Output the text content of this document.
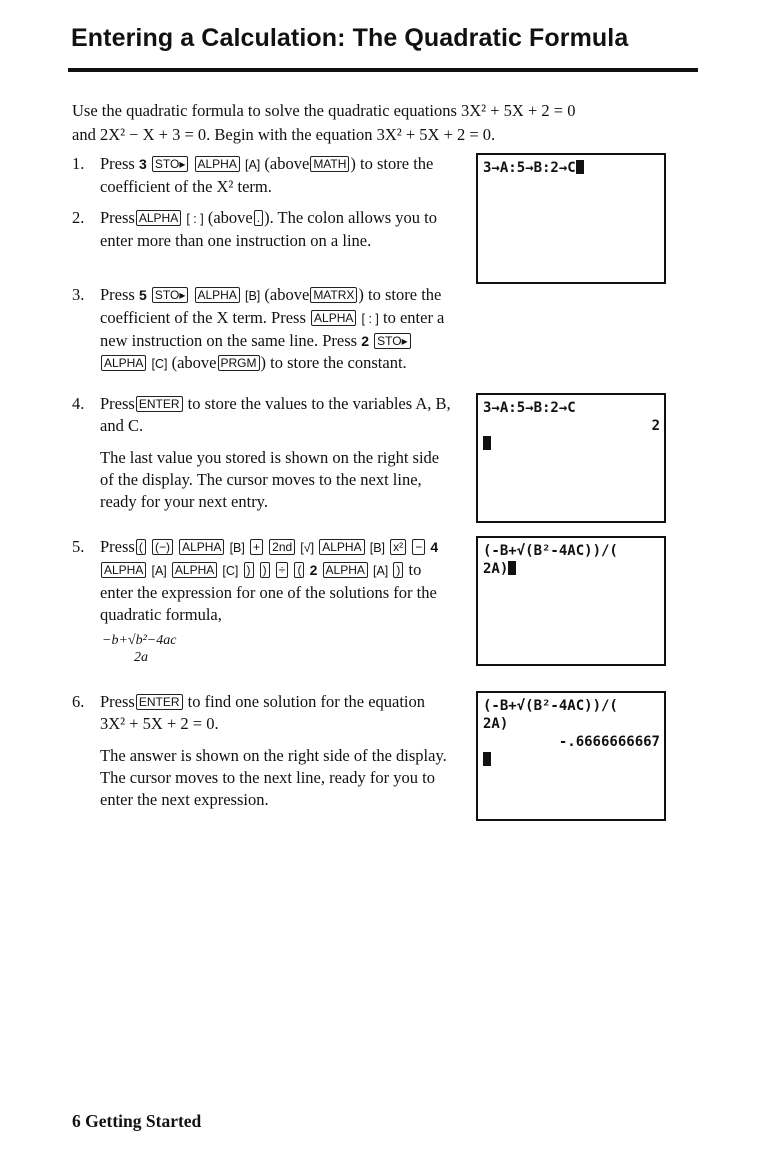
Entering a Calculation: The Quadratic Formula
Use the quadratic formula to solve the quadratic equations 3X² + 5X + 2 = 0
and 2X² − X + 3 = 0. Begin with the equation 3X² + 5X + 2 = 0.
1. Press 3 STO▸ ALPHA [A] (above MATH ) to store the coefficient of the X² term.

2. Press ALPHA [ : ] (above . ). The colon allows you to enter more than one instruction on a line.

3. Press 5 STO▸ ALPHA [B] (above MATRX ) to store the coefficient of the X term. Press ALPHA [ : ] to enter a new instruction on the same line. Press 2 STO▸ ALPHA [C] (above PRGM ) to store the constant.

4. Press ENTER to store the values to the variables A, B, and C.

The last value you stored is shown on the right side of the display. The cursor moves to the next line, ready for your next entry.

5. Press ( (−) ALPHA [B] + 2nd [√] ALPHA [B] x² − 4 ALPHA [A] ALPHA [C] ) ) ÷ ( 2 ALPHA [A] ) to enter the expression for one of the solutions for the quadratic formula,

−b+√b²−4ac
2a
6. Press ENTER to find one solution for the equation 3X² + 5X + 2 = 0.

The answer is shown on the right side of the display. The cursor moves to the next line, ready for you to enter the next expression.

3→A:5→B:2→C
3→A:5→B:2→C
2
(-B+√(B²-4AC))/(
2A)
(-B+√(B²-4AC))/(
2A)
-.6666666667
6 Getting Started
